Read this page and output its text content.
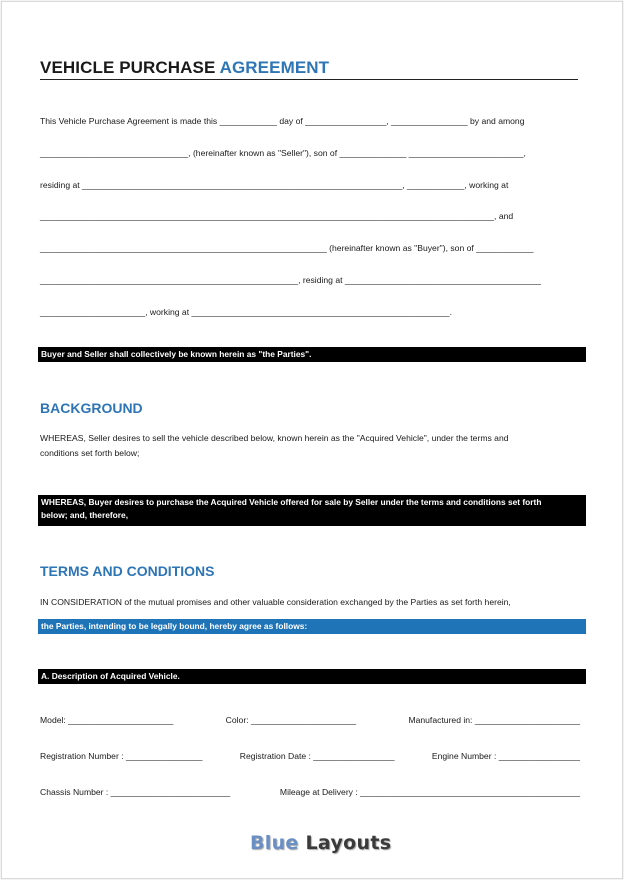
VEHICLE PURCHASE AGREEMENT
This Vehicle Purchase Agreement is made this ____________ day of _________________, ________________ by and among
_______________________________, (hereinafter known as "Seller"), son of ______________ ________________________,
residing at ___________________________________________________________________, ____________, working at
_______________________________________________________________________________________________, and
____________________________________________________________ (hereinafter known as "Buyer"), son of ____________
______________________________________________________, residing at _________________________________________
______________________, working at ______________________________________________________.
Buyer and Seller shall collectively be known herein as "the Parties".
BACKGROUND
WHEREAS, Seller desires to sell the vehicle described below, known herein as the "Acquired Vehicle", under the terms and
conditions set forth below;
WHEREAS, Buyer desires to purchase the Acquired Vehicle offered for sale by Seller under the terms and conditions set forth
below; and, therefore,
TERMS AND CONDITIONS
IN CONSIDERATION of the mutual promises and other valuable consideration exchanged by the Parties as set forth herein,
the Parties, intending to be legally bound, hereby agree as follows:
A. Description of Acquired Vehicle.
Model: ______________________	Color: ______________________	Manufactured in: ______________________
Registration Number : ________________	Registration Date : _________________	Engine Number : _________________
Chassis Number : _________________________	Mileage at Delivery : ______________________________________________
Blue Layouts
